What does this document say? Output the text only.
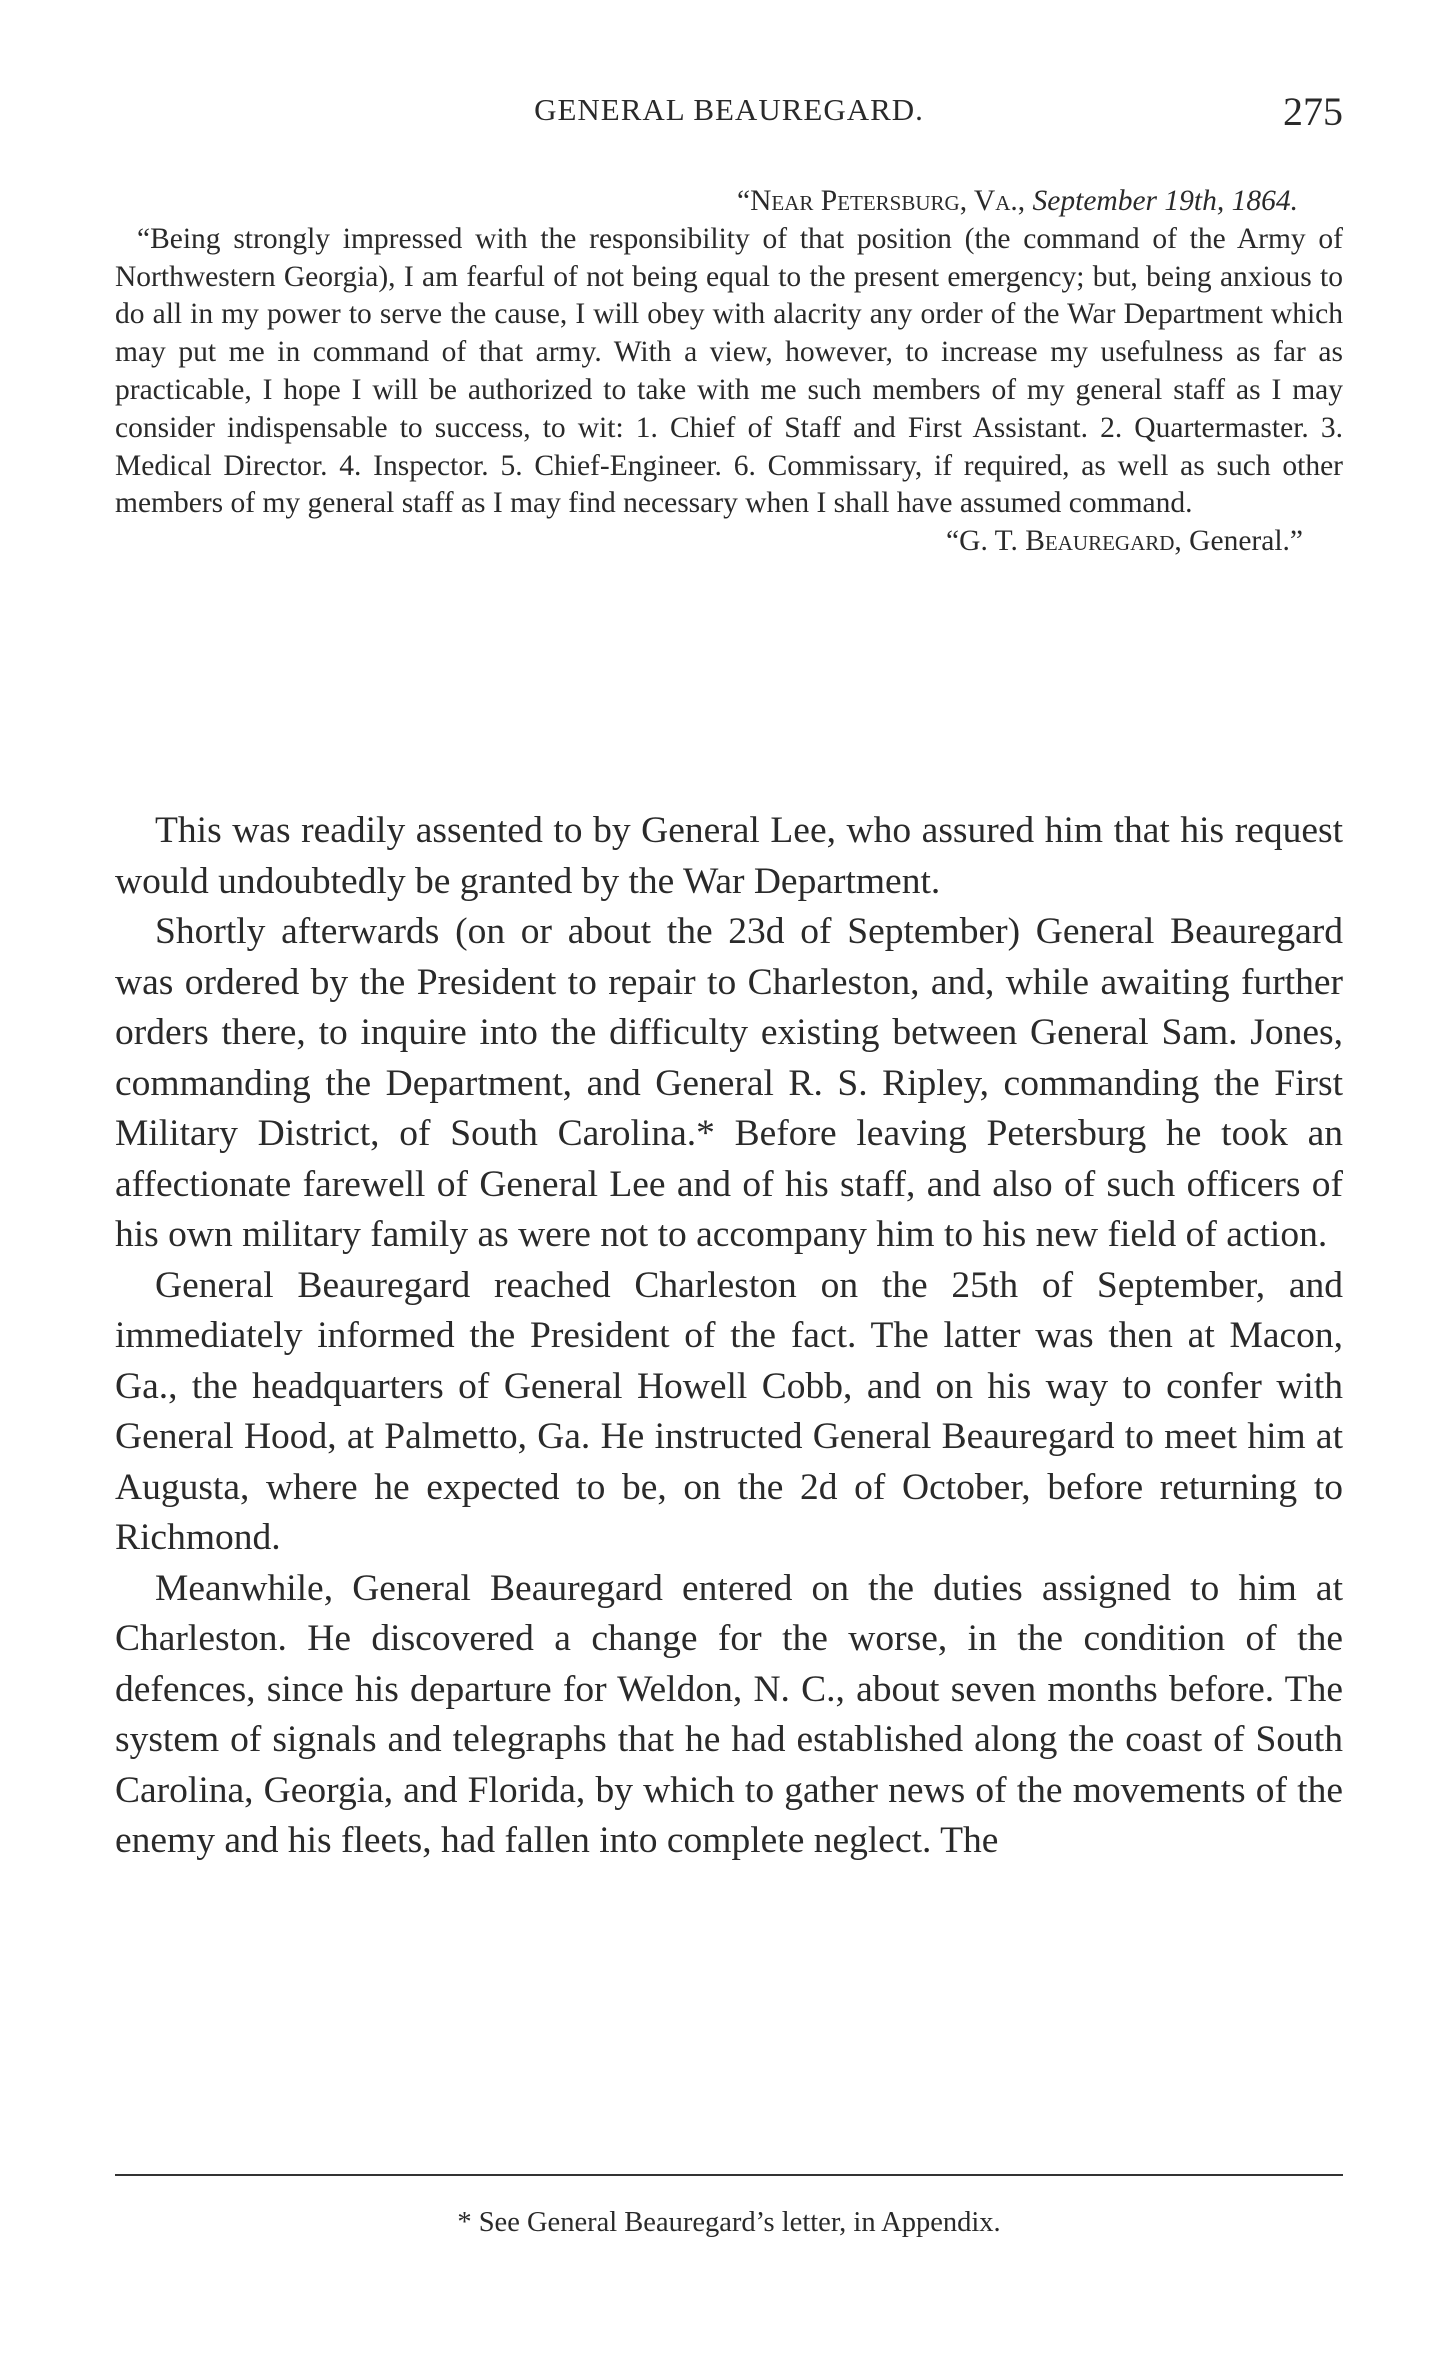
GENERAL BEAUREGARD.	275
“Near Petersburg, Va., September 19th, 1864.

“Being strongly impressed with the responsibility of that position (the command of the Army of Northwestern Georgia), I am fearful of not being equal to the present emergency; but, being anxious to do all in my power to serve the cause, I will obey with alacrity any order of the War Department which may put me in command of that army. With a view, however, to increase my usefulness as far as practicable, I hope I will be authorized to take with me such members of my general staff as I may consider indispensable to success, to wit: 1. Chief of Staff and First Assistant. 2. Quartermaster. 3. Medical Director. 4. Inspector. 5. Chief-Engineer. 6. Commissary, if required, as well as such other members of my general staff as I may find necessary when I shall have assumed command.

“G. T. Beauregard, General.”

This was readily assented to by General Lee, who assured him that his request would undoubtedly be granted by the War Department.

Shortly afterwards (on or about the 23d of September) General Beauregard was ordered by the President to repair to Charleston, and, while awaiting further orders there, to inquire into the difficulty existing between General Sam. Jones, commanding the Department, and General R. S. Ripley, commanding the First Military District, of South Carolina.* Before leaving Petersburg he took an affectionate farewell of General Lee and of his staff, and also of such officers of his own military family as were not to accompany him to his new field of action.

General Beauregard reached Charleston on the 25th of September, and immediately informed the President of the fact. The latter was then at Macon, Ga., the headquarters of General Howell Cobb, and on his way to confer with General Hood, at Palmetto, Ga. He instructed General Beauregard to meet him at Augusta, where he expected to be, on the 2d of October, before returning to Richmond.

Meanwhile, General Beauregard entered on the duties assigned to him at Charleston. He discovered a change for the worse, in the condition of the defences, since his departure for Weldon, N. C., about seven months before. The system of signals and telegraphs that he had established along the coast of South Carolina, Georgia, and Florida, by which to gather news of the movements of the enemy and his fleets, had fallen into complete neglect. The

* See General Beauregard’s letter, in Appendix.
